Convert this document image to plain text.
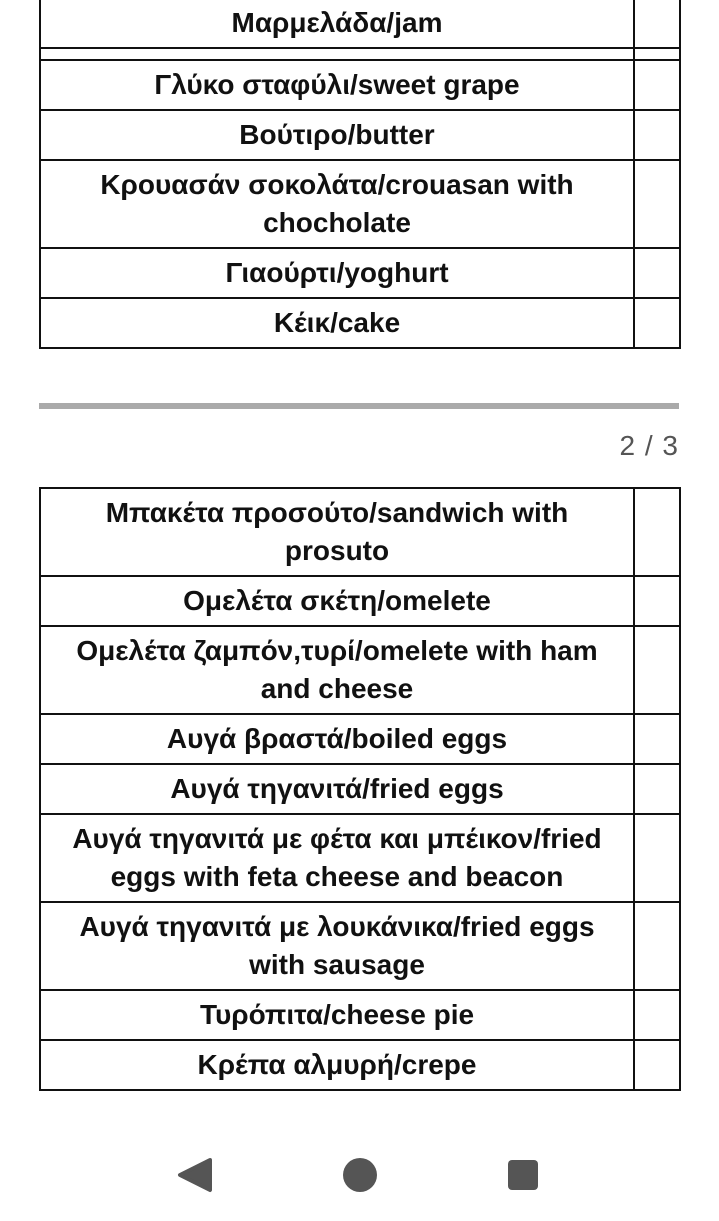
Μαρμελάδα/jam	

Γλύκο σταφύλι/sweet grape	
Βούτιρο/butter	
Κρουασάν σοκολάτα/crouasan with chocholate	
Γιαούρτι/yoghurt	
Κέικ/cake	
2 / 3
Μπακέτα προσούτο/sandwich with prosuto	
Ομελέτα σκέτη/omelete	
Ομελέτα ζαμπόν,τυρί/omelete with ham and cheese	
Αυγά βραστά/boiled eggs	
Αυγά τηγανιτά/fried eggs	
Αυγά τηγανιτά με φέτα και μπέικον/fried eggs with feta cheese and beacon	
Αυγά τηγανιτά με λουκάνικα/fried eggs with sausage	
Τυρόπιτα/cheese pie	
Κρέπα αλμυρή/crepe	
